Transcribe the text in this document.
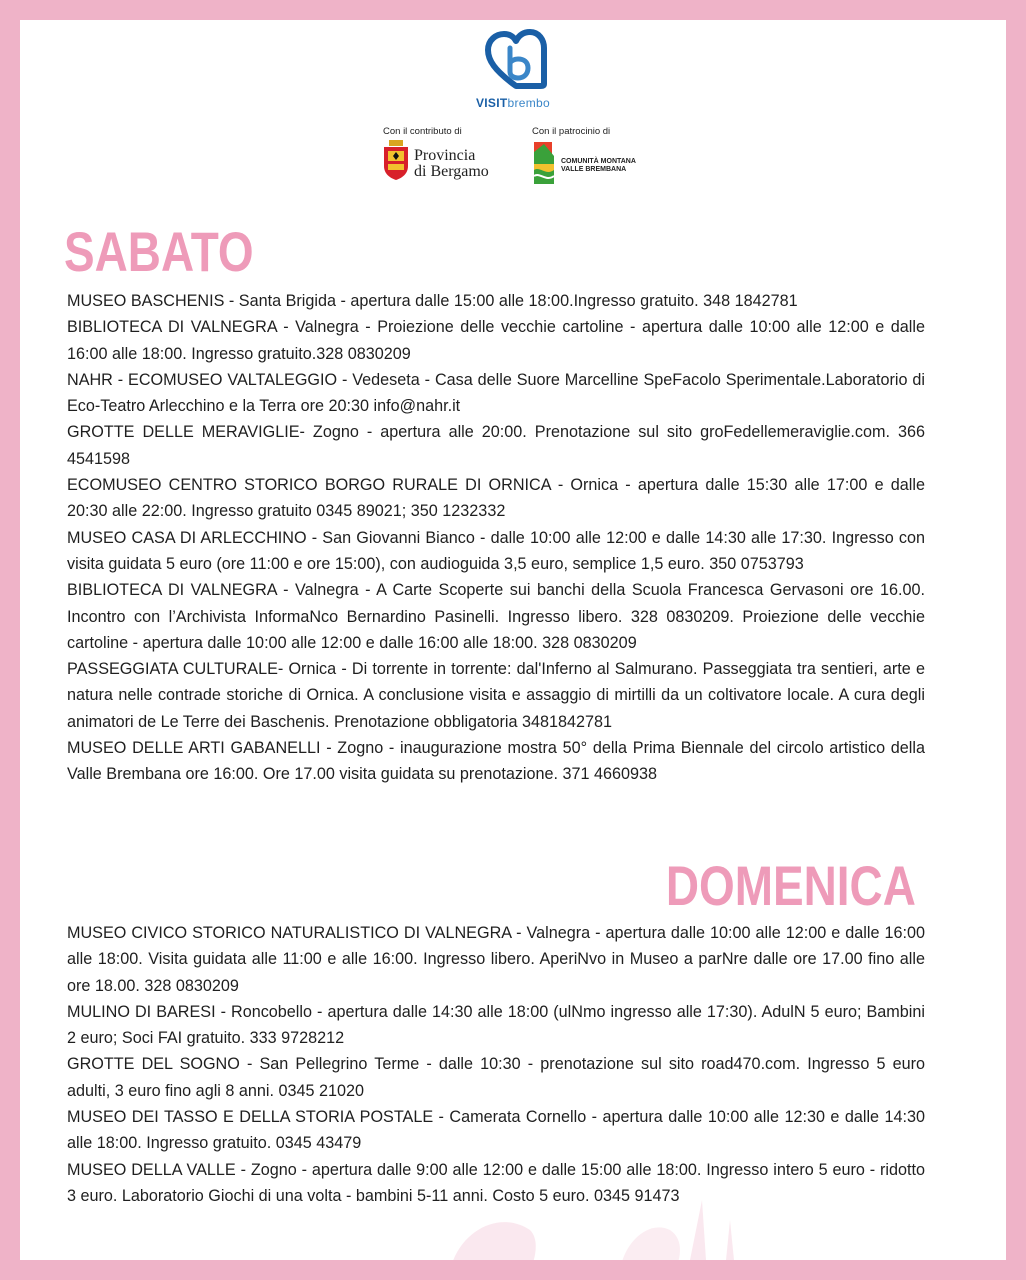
VISITbrembo
Con il contributo di
Provincia
di Bergamo
Con il patrocinio di
COMUNITÀ MONTANA
VALLE BREMBANA
SABATO

MUSEO BASCHENIS - Santa Brigida - apertura dalle 15:00 alle 18:00.Ingresso gratuito. 348 1842781

BIBLIOTECA DI VALNEGRA - Valnegra - Proiezione delle vecchie cartoline - apertura dalle 10:00 alle 12:00 e dalle 16:00 alle 18:00. Ingresso gratuito.328 0830209

NAHR - ECOMUSEO VALTALEGGIO - Vedeseta - Casa delle Suore Marcelline SpeFacolo Sperimentale.Laboratorio di Eco-Teatro Arlecchino e la Terra ore 20:30 info@nahr.it

GROTTE DELLE MERAVIGLIE- Zogno - apertura alle 20:00. Prenotazione sul sito groFedellemeraviglie.com. 366 4541598

ECOMUSEO CENTRO STORICO BORGO RURALE DI ORNICA - Ornica - apertura dalle 15:30 alle 17:00 e dalle 20:30 alle 22:00. Ingresso gratuito 0345 89021; 350 1232332

MUSEO CASA DI ARLECCHINO - San Giovanni Bianco - dalle 10:00 alle 12:00 e dalle 14:30 alle 17:30. Ingresso con visita guidata 5 euro (ore 11:00 e ore 15:00), con audioguida 3,5 euro, semplice 1,5 euro. 350 0753793

BIBLIOTECA DI VALNEGRA - Valnegra - A Carte Scoperte sui banchi della Scuola Francesca Gervasoni ore 16.00. Incontro con l’Archivista InformaNco Bernardino Pasinelli. Ingresso libero. 328 0830209. Proiezione delle vecchie cartoline - apertura dalle 10:00 alle 12:00 e dalle 16:00 alle 18:00. 328 0830209

PASSEGGIATA CULTURALE- Ornica - Di torrente in torrente: dal'Inferno al Salmurano. Passeggiata tra sentieri, arte e natura nelle contrade storiche di Ornica. A conclusione visita e assaggio di mirtilli da un coltivatore locale. A cura degli animatori de Le Terre dei Baschenis. Prenotazione obbligatoria 3481842781

MUSEO DELLE ARTI GABANELLI - Zogno - inaugurazione mostra 50° della Prima Biennale del circolo artistico della Valle Brembana ore 16:00. Ore 17.00 visita guidata su prenotazione. 371 4660938

DOMENICA

MUSEO CIVICO STORICO NATURALISTICO DI VALNEGRA - Valnegra - apertura dalle 10:00 alle 12:00 e dalle 16:00 alle 18:00. Visita guidata alle 11:00 e alle 16:00. Ingresso libero. AperiNvo in Museo a parNre dalle ore 17.00 fino alle ore 18.00. 328 0830209

MULINO DI BARESI - Roncobello - apertura dalle 14:30 alle 18:00 (ulNmo ingresso alle 17:30). AdulN 5 euro; Bambini 2 euro; Soci FAI gratuito. 333 9728212

GROTTE DEL SOGNO - San Pellegrino Terme - dalle 10:30 - prenotazione sul sito road470.com. Ingresso 5 euro adulti, 3 euro fino agli 8 anni. 0345 21020

MUSEO DEI TASSO E DELLA STORIA POSTALE - Camerata Cornello - apertura dalle 10:00 alle 12:30 e dalle 14:30 alle 18:00. Ingresso gratuito. 0345 43479

MUSEO DELLA VALLE - Zogno - apertura dalle 9:00 alle 12:00 e dalle 15:00 alle 18:00. Ingresso intero 5 euro - ridotto 3 euro. Laboratorio Giochi di una volta - bambini 5-11 anni. Costo 5 euro. 0345 91473
